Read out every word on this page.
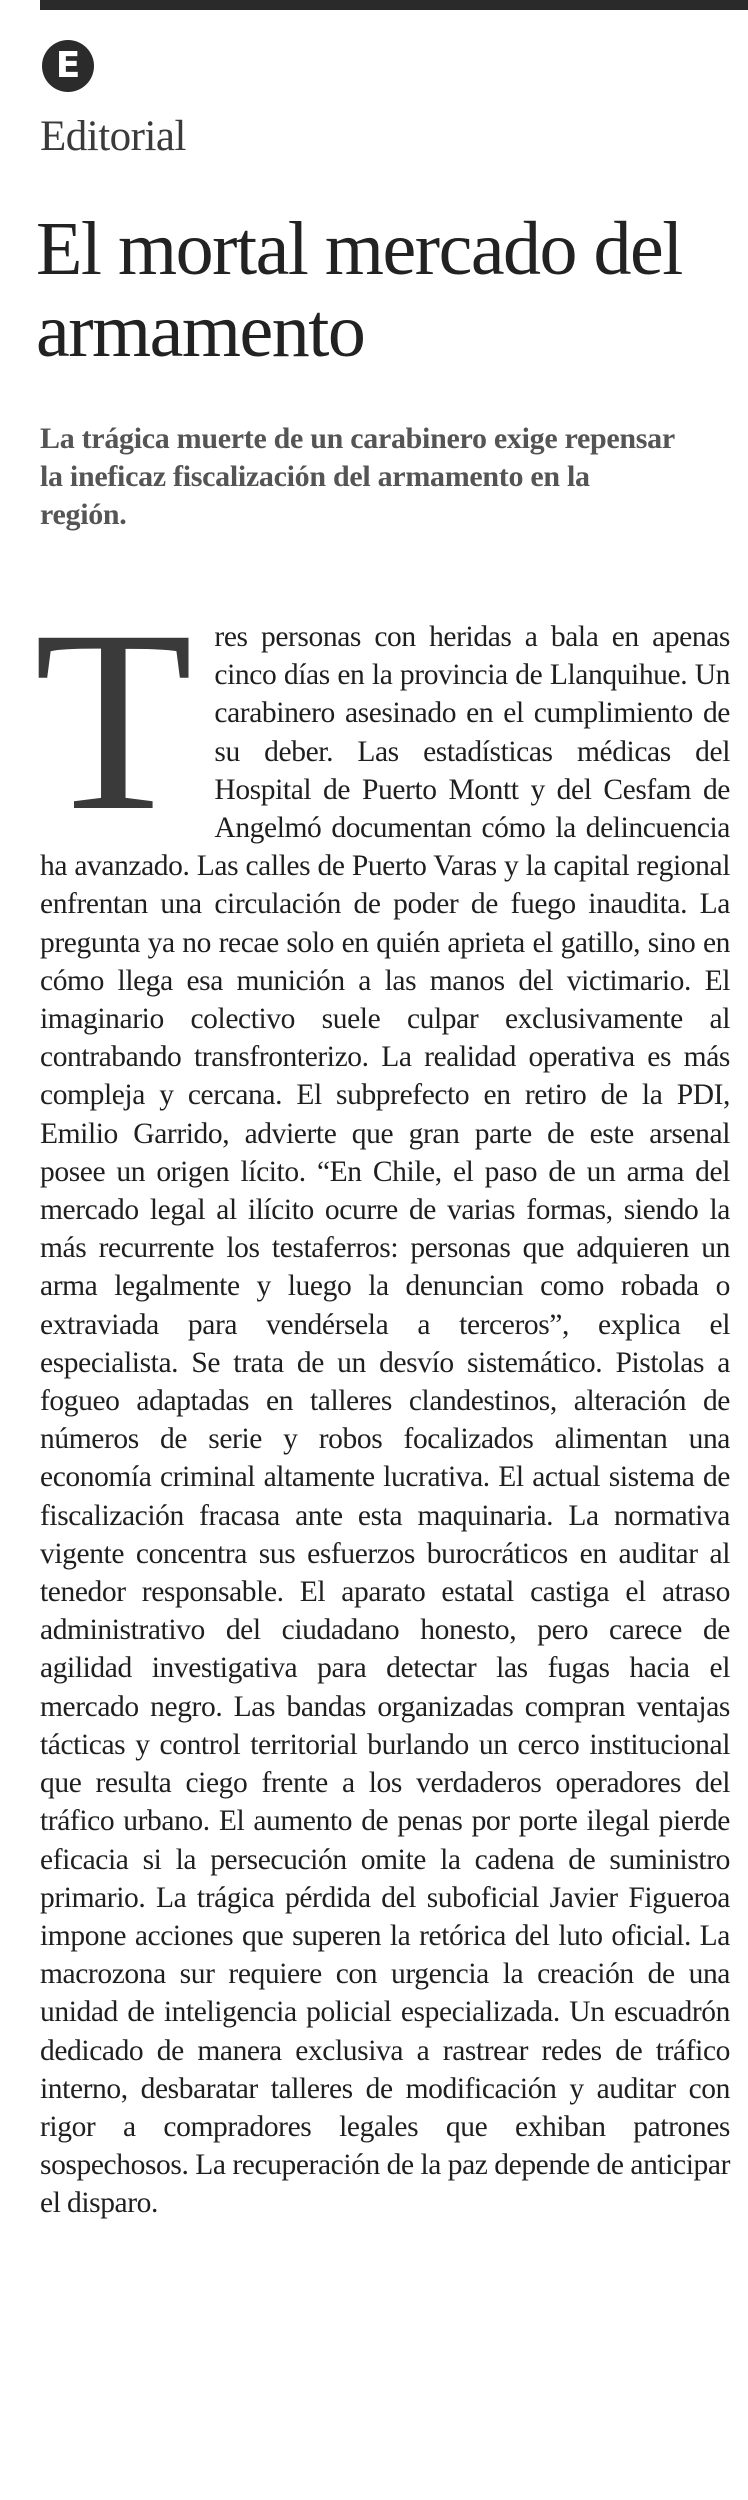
E
Editorial
El mortal mercado del armamento

La trágica muerte de un carabinero exige repensar la ineficaz fiscalización del armamento en la región.

T res personas con heridas a bala en apenas cinco días en la provincia de Llanquihue. Un carabinero asesinado en el cumplimiento de su deber. Las estadísticas médicas del Hospital de Puerto Montt y del Cesfam de Angelmó documentan cómo la delincuencia ha avanzado. Las calles de Puerto Varas y la capital regional enfrentan una circulación de poder de fuego inaudita. La pregunta ya no recae solo en quién aprieta el gatillo, sino en cómo llega esa munición a las manos del victimario. El imaginario colectivo suele culpar exclusivamente al contrabando transfronterizo. La realidad operativa es más compleja y cercana. El subprefecto en retiro de la PDI, Emilio Garrido, advierte que gran parte de este arsenal posee un origen lícito. “En Chile, el paso de un arma del mercado legal al ilícito ocurre de varias formas, siendo la más recurrente los testaferros: personas que adquieren un arma legalmente y luego la denuncian como robada o extraviada para vendérsela a terceros”, explica el especialista. Se trata de un desvío sistemático. Pistolas a fogueo adaptadas en talleres clandestinos, alteración de números de serie y robos focalizados alimentan una economía criminal altamente lucrativa. El actual sistema de fiscalización fracasa ante esta maquinaria. La normativa vigente concentra sus esfuerzos burocráticos en auditar al tenedor responsable. El aparato estatal castiga el atraso administrativo del ciudadano honesto, pero carece de agilidad investigativa para detectar las fugas hacia el mercado negro. Las bandas organizadas compran ventajas tácticas y control territorial burlando un cerco institucional que resulta ciego frente a los verdaderos operadores del tráfico urbano. El aumento de penas por porte ilegal pierde eficacia si la persecución omite la cadena de suministro primario. La trágica pérdida del suboficial Javier Figueroa impone acciones que superen la retórica del luto oficial. La macrozona sur requiere con urgencia la creación de una unidad de inteligencia policial especializada. Un escuadrón dedicado de manera exclusiva a rastrear redes de tráfico interno, desbaratar talleres de modificación y auditar con rigor a compradores legales que exhiban patrones sospechosos. La recuperación de la paz depende de anticipar el disparo.
